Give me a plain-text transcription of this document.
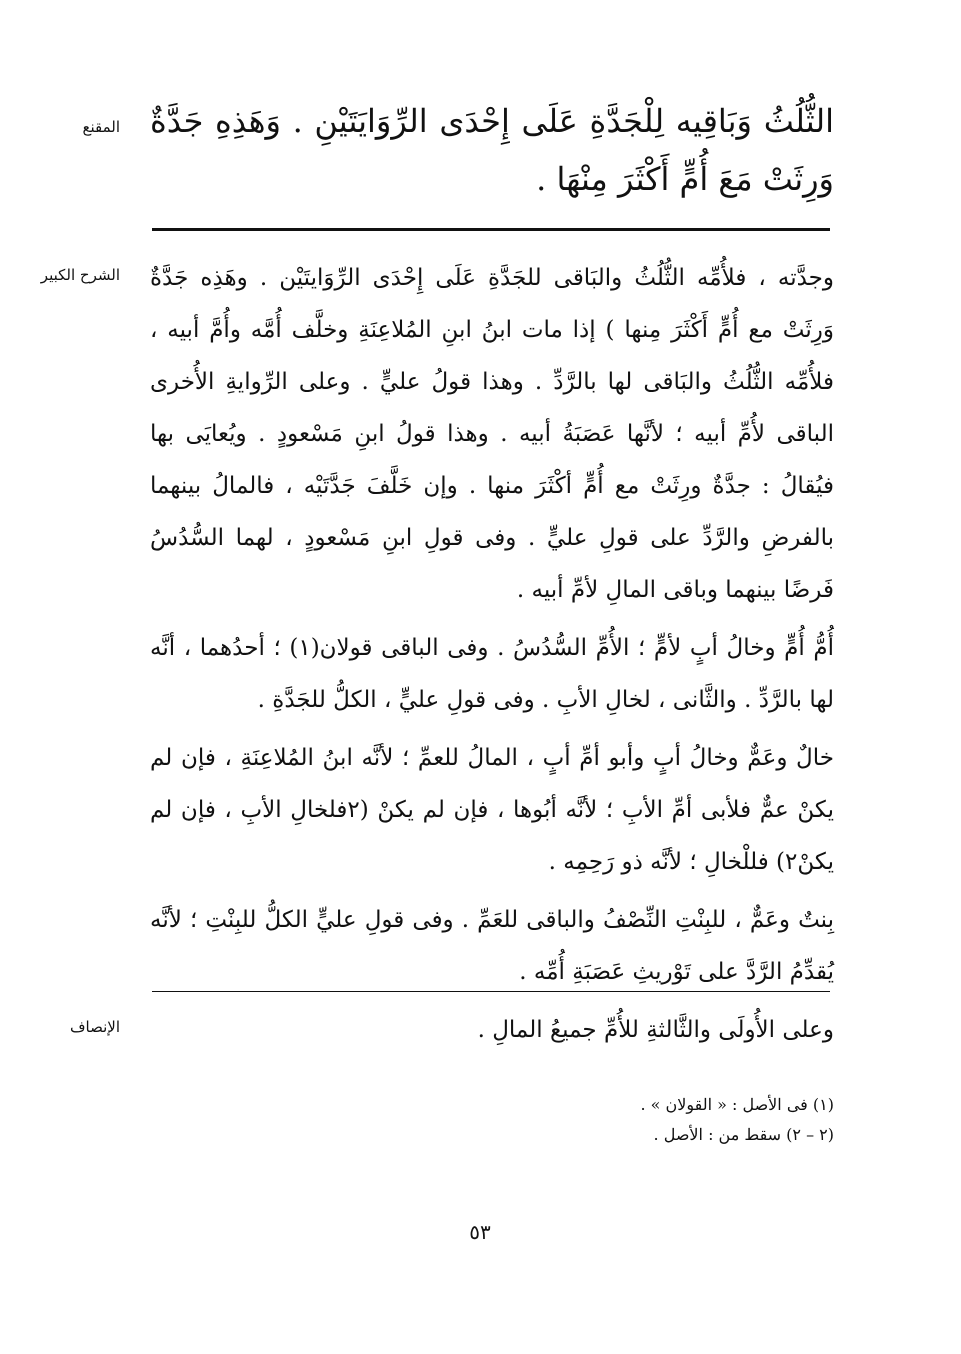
المقنع الثُّلُثُ وَبَاقِيه لِلْجَدَّةِ عَلَى إِحْدَى الرِّوَايَتَيْنِ . وَهَذِهِ جَدَّةٌ وَرِثَتْ مَعَ أُمٍّ أَكْثَرَ مِنْهَا .
الشرح الكبير وجدَّته ، فلأُمِّه الثُّلُثُ والبَاقى للجَدَّةِ عَلَى إِحْدَى الرِّوَايتَيْن . وهَذِه جَدَّةٌ وَرِثَتْ مع أُمٍّ أَكْثَرَ مِنها ) إذا مات ابنُ ابنِ المُلاعِنَةِ وخلَّف أُمَّه وأُمَّ أبيه ، فلأُمِّه الثُّلُثُ والبَاقى لها بالرَّدِّ . وهذا قولُ عليٍّ . وعلى الرِّوايةِ الأُخرى الباقى لأُمِّ أبيه ؛ لأنَّها عَصَبَةُ أبيه . وهذا قولُ ابنِ مَسْعودٍ . ويُعايَى بها فيُقالُ : جدَّةٌ ورِثَتْ مع أُمٍّ أكْثَرَ منها . وإن خَلَّفَ جَدَّتَيْه ، فالمالُ بينهما بالفرضِ والرَّدِّ على قولِ عليٍّ . وفى قولِ ابنِ مَسْعودٍ ، لهما السُّدُسُ فَرضًا بينهما وباقى المالِ لأمِّ أبيه .

أُمُّ أُمٍّ وخالُ أبٍ لأمٍّ ؛ الأُمِّ السُّدُسُ . وفى الباقى قولان(١) ؛ أحدُهما ، أنَّه لها بالرَّدِّ . والثَّانى ، لخالِ الأبِ . وفى قولِ عليٍّ ، الكلُّ للجَدَّةِ .

خالٌ وعَمٌّ وخالُ أبٍ وأبو أمِّ أبٍ ، المالُ للعمِّ ؛ لأنَّه ابنُ المُلاعِنَةِ ، فإن لم يكنْ عمٌّ فلأبى أمِّ الأبِ ؛ لأنَّه أبُوها ، فإن لم يكنْ (٢فلخالِ الأبِ ، فإن لم يكنْ٢) فللْخالِ ؛ لأنَّه ذو رَحِمِه .

بِنتٌ وعَمٌّ ، للبِنْتِ النِّصْفُ والباقى للعَمِّ . وفى قولِ عليٍّ الكلُّ للبِنْتِ ؛ لأنَّه يُقدِّمُ الرَّدَّ على تَوْريثِ عَصَبَةِ أُمِّه .

الإنصاف	وعلى الأُولَى والثَّالثةِ للأُمِّ جميعُ المالِ .
(١) فى الأصل : « القولان » .
(٢ – ٢) سقط من : الأصل .
٥٣
